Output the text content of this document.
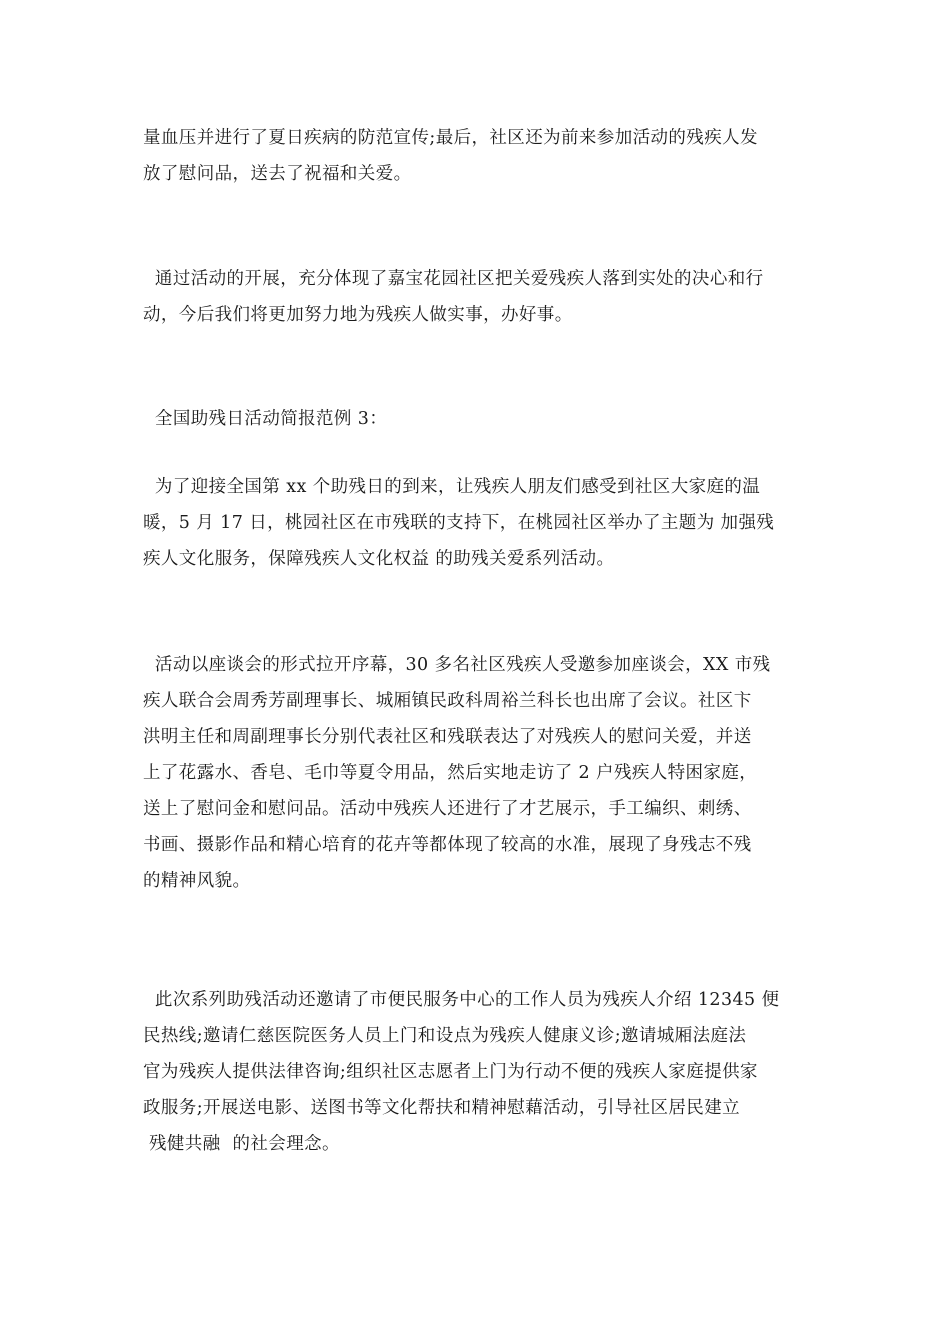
量血压并进行了夏日疾病的防范宣传;最后，社区还为前来参加活动的残疾人发
放了慰问品，送去了祝福和关爱。

通过活动的开展，充分体现了嘉宝花园社区把关爱残疾人落到实处的决心和行
动，今后我们将更加努力地为残疾人做实事，办好事。

全国助残日活动简报范例 3：

为了迎接全国第 xx 个助残日的到来，让残疾人朋友们感受到社区大家庭的温
暖，5 月 17 日，桃园社区在市残联的支持下，在桃园社区举办了主题为 加强残
疾人文化服务，保障残疾人文化权益 的助残关爱系列活动。

活动以座谈会的形式拉开序幕，30 多名社区残疾人受邀参加座谈会，XX 市残
疾人联合会周秀芳副理事长、城厢镇民政科周裕兰科长也出席了会议。社区卞
洪明主任和周副理事长分别代表社区和残联表达了对残疾人的慰问关爱，并送
上了花露水、香皂、毛巾等夏令用品，然后实地走访了 2 户残疾人特困家庭，
送上了慰问金和慰问品。活动中残疾人还进行了才艺展示，手工编织、刺绣、
书画、摄影作品和精心培育的花卉等都体现了较高的水准，展现了身残志不残
的精神风貌。

此次系列助残活动还邀请了市便民服务中心的工作人员为残疾人介绍 12345 便
民热线;邀请仁慈医院医务人员上门和设点为残疾人健康义诊;邀请城厢法庭法
官为残疾人提供法律咨询;组织社区志愿者上门为行动不便的残疾人家庭提供家
政服务;开展送电影、送图书等文化帮扶和精神慰藉活动，引导社区居民建立
残健共融  的社会理念。
